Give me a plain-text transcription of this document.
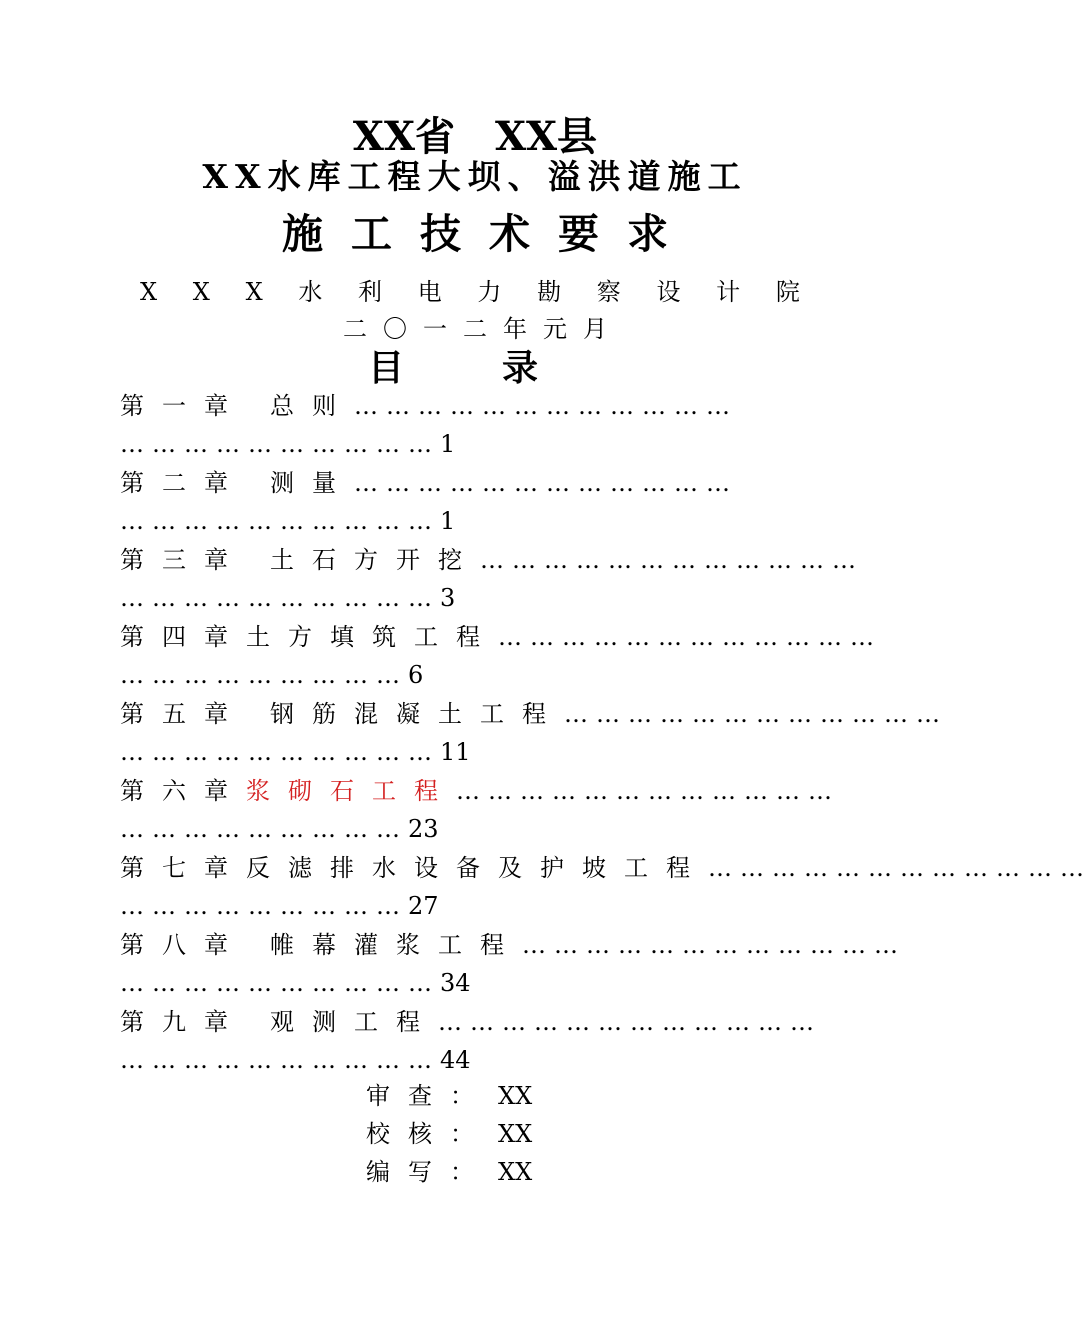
XX省　XX县
XX水库工程大坝、溢洪道施工
施工技术要求
X X X 水 利 电 力 勘 察 设 计 院
二〇一二年元月
目	录
第一章 总则………………………………
…………………………1
第二章 测量………………………………
…………………………1
第三章 土石方开挖………………………………
…………………………3
第四章土方填筑工程………………………………
………………………6
第五章 钢筋混凝土工程………………………………
…………………………11
第六章浆砌石工程………………………………
………………………23
第七章反滤排水设备及护坡工程………………………………
………………………27
第八章 帷幕灌浆工程………………………………
…………………………34
第九章 观测工程………………………………
…………………………44
审查： XX
校核： XX
编写： XX
